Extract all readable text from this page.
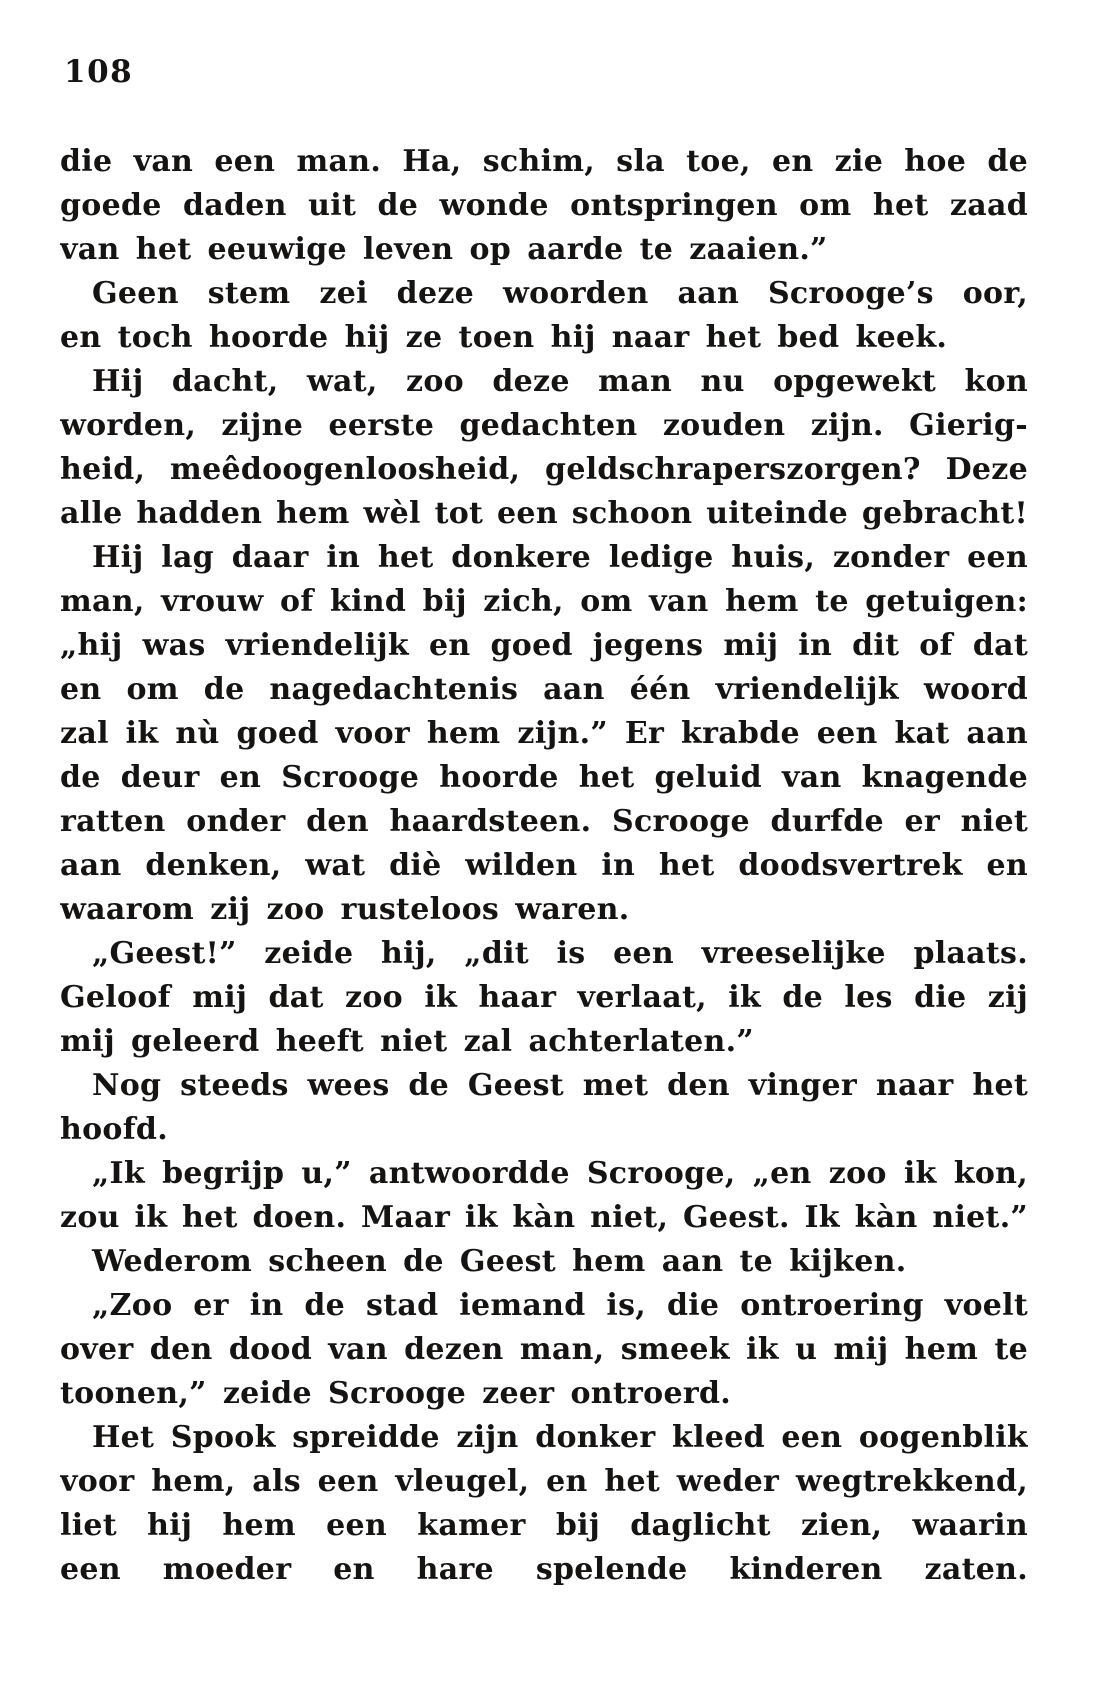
108
die van een man. Ha, schim, sla toe, en zie hoe de
goede daden uit de wonde ontspringen om het zaad
van het eeuwige leven op aarde te zaaien.”
Geen stem zei deze woorden aan Scrooge’s oor,
en toch hoorde hij ze toen hij naar het bed keek.
Hij dacht, wat, zoo deze man nu opgewekt kon
worden, zijne eerste gedachten zouden zijn. Gierig-
heid, meêdoogenloosheid, geldschraperszorgen? Deze
alle hadden hem wèl tot een schoon uiteinde gebracht!
Hij lag daar in het donkere ledige huis, zonder een
man, vrouw of kind bij zich, om van hem te getuigen:
„hij was vriendelijk en goed jegens mij in dit of dat
en om de nagedachtenis aan één vriendelijk woord
zal ik nù goed voor hem zijn.” Er krabde een kat aan
de deur en Scrooge hoorde het geluid van knagende
ratten onder den haardsteen. Scrooge durfde er niet
aan denken, wat diè wilden in het doodsvertrek en
waarom zij zoo rusteloos waren.
„Geest!” zeide hij, „dit is een vreeselijke plaats.
Geloof mij dat zoo ik haar verlaat, ik de les die zij
mij geleerd heeft niet zal achterlaten.”
Nog steeds wees de Geest met den vinger naar het
hoofd.
„Ik begrijp u,” antwoordde Scrooge, „en zoo ik kon,
zou ik het doen. Maar ik kàn niet, Geest. Ik kàn niet.”
Wederom scheen de Geest hem aan te kijken.
„Zoo er in de stad iemand is, die ontroering voelt
over den dood van dezen man, smeek ik u mij hem te
toonen,” zeide Scrooge zeer ontroerd.
Het Spook spreidde zijn donker kleed een oogenblik
voor hem, als een vleugel, en het weder wegtrekkend,
liet hij hem een kamer bij daglicht zien, waarin
een moeder en hare spelende kinderen zaten.
